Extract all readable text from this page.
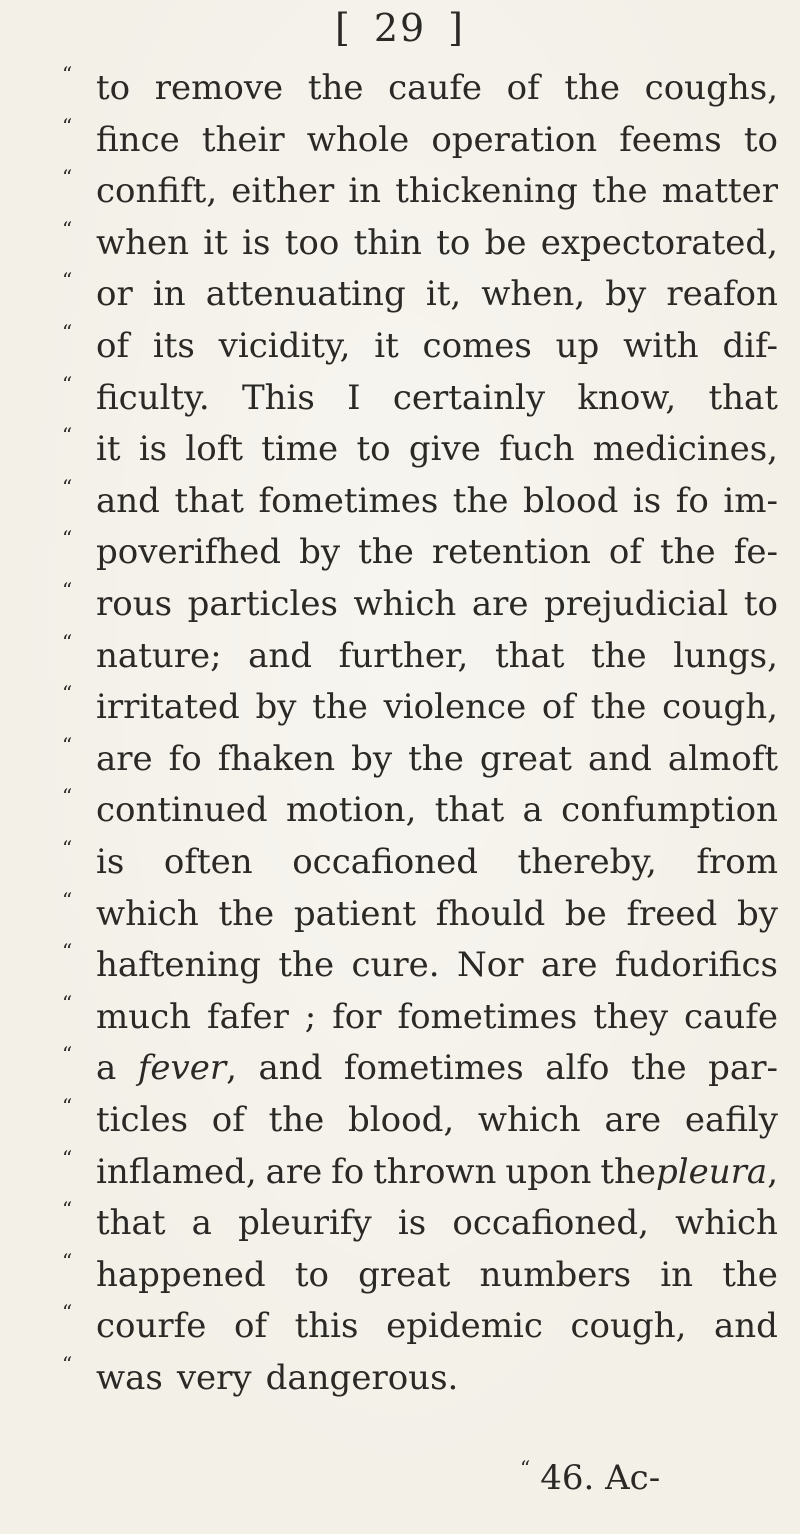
[ 29 ]
“ to remove the caufe of the coughs,
“ fince their whole operation feems to
“ confift, either in thickening the matter
“ when it is too thin to be expectorated,
“ or in attenuating it, when, by reafon
“ of its vicidity, it comes up with dif-
“ ficulty. This I certainly know, that
“ it is loft time to give fuch medicines,
“ and that fometimes the blood is fo im-
“ poverifhed by the retention of the fe-
“ rous particles which are prejudicial to
“ nature; and further, that the lungs,
“ irritated by the violence of the cough,
“ are fo fhaken by the great and almoft
“ continued motion, that a confumption
“ is often occafioned thereby, from
“ which the patient fhould be freed by
“ haftening the cure. Nor are fudorifics
“ much fafer ; for fometimes they caufe
“ a fever, and fometimes alfo the par-
“ ticles of the blood, which are eafily
“ inflamed, are fo thrown upon thepleura,
“ that a pleurify is occafioned, which
“ happened to great numbers in the
“ courfe of this epidemic cough, and
“ was very dangerous.
“ 46. Ac-
